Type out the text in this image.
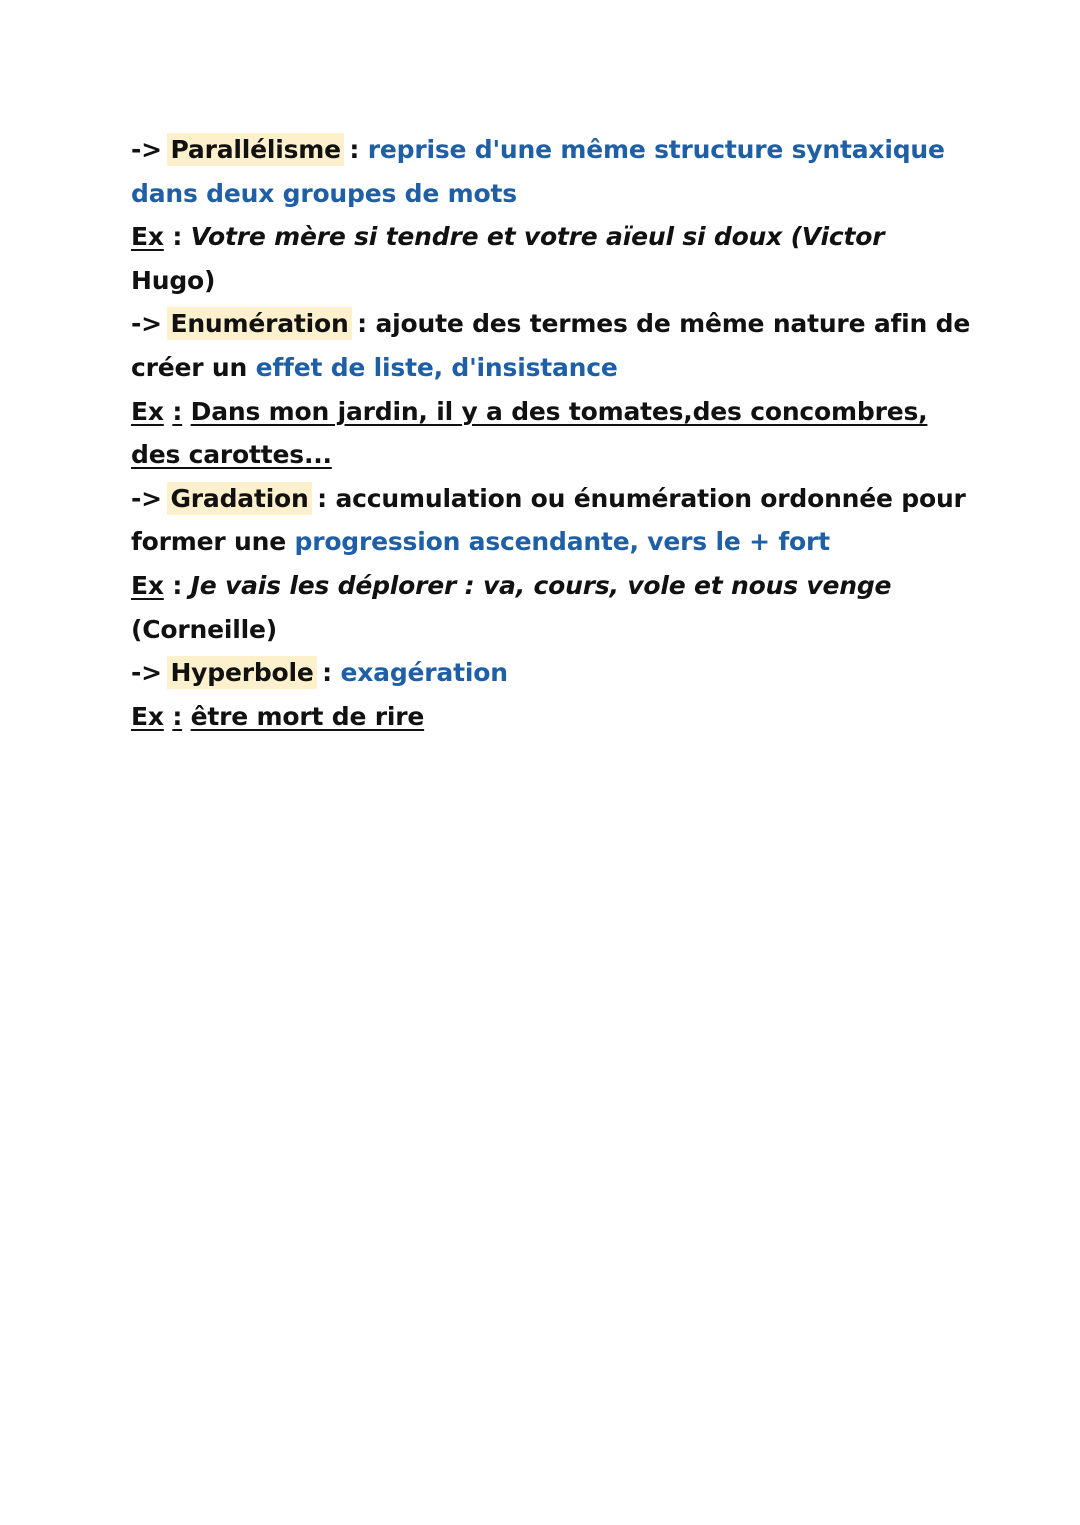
-> Parallélisme : reprise d'une même structure syntaxique
dans deux groupes de mots
Ex : Votre mère si tendre et votre aïeul si doux (Victor
Hugo)
-> Enumération : ajoute des termes de même nature afin de
créer un effet de liste, d'insistance
Ex : Dans mon jardin, il y a des tomates,des concombres,
des carottes...
-> Gradation : accumulation ou énumération ordonnée pour
former une progression ascendante, vers le + fort
Ex : Je vais les déplorer : va, cours, vole et nous venge
(Corneille)
-> Hyperbole : exagération
Ex : être mort de rire
